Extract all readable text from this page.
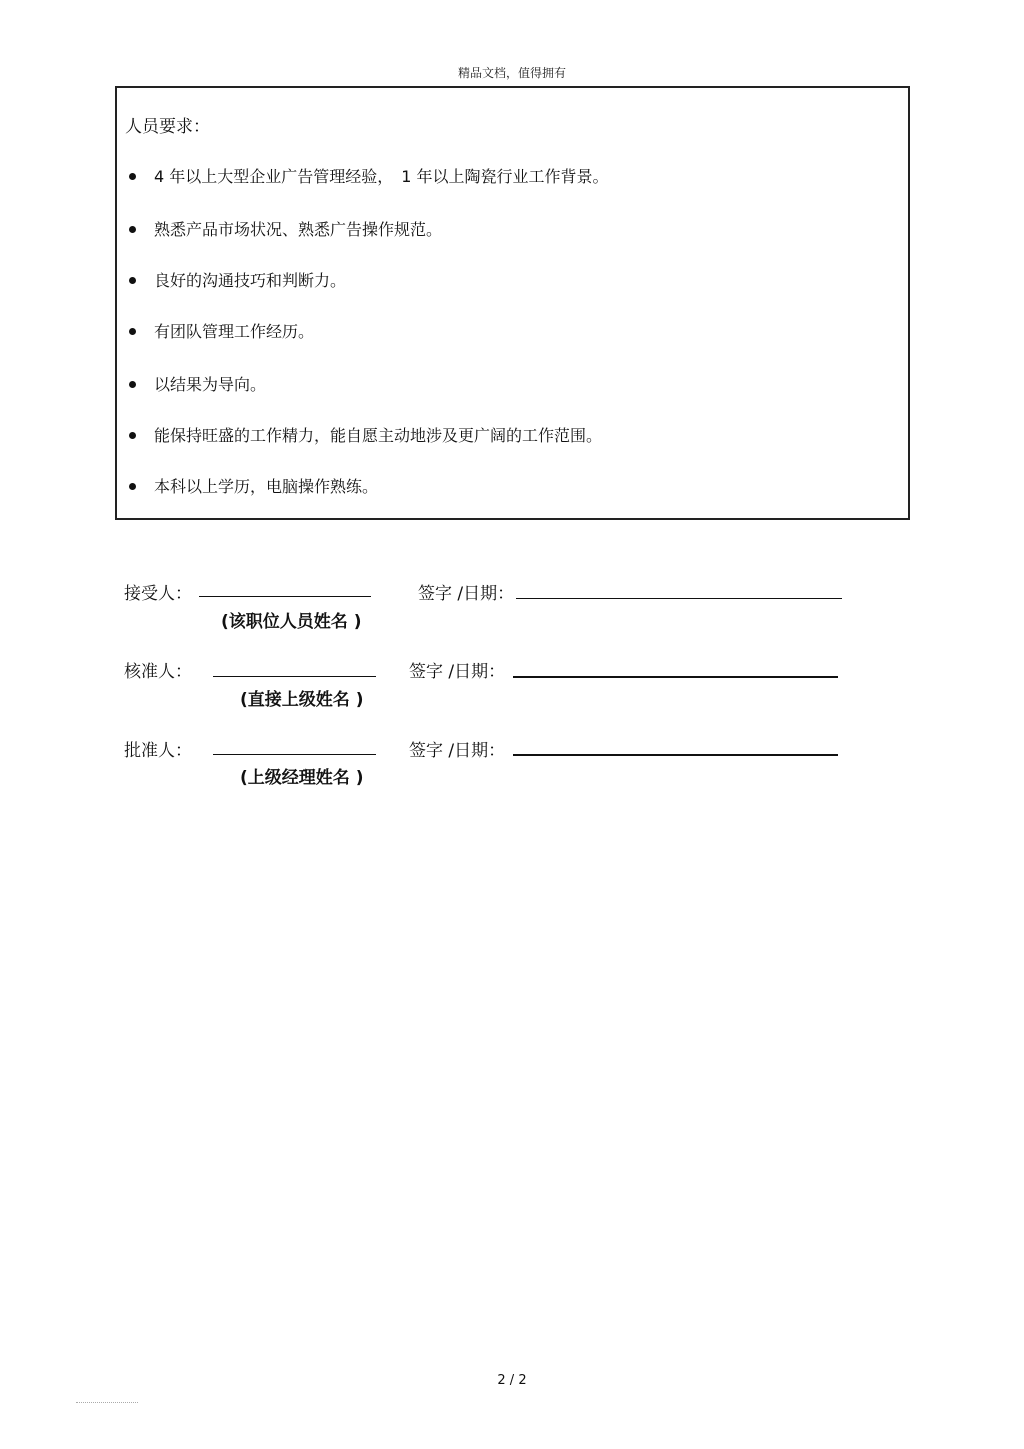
精品文档，值得拥有
人员要求：
4 年以上大型企业广告管理经验，　1 年以上陶瓷行业工作背景。
熟悉产品市场状况、熟悉广告操作规范。
良好的沟通技巧和判断力。
有团队管理工作经历。
以结果为导向。
能保持旺盛的工作精力，能自愿主动地涉及更广阔的工作范围。
本科以上学历，电脑操作熟练。
接受人：	签字 /日期：
(该职位人员姓名 )
核准人：	签字 /日期：
(直接上级姓名 )
批准人：	签字 /日期：
(上级经理姓名 )
2 / 2
